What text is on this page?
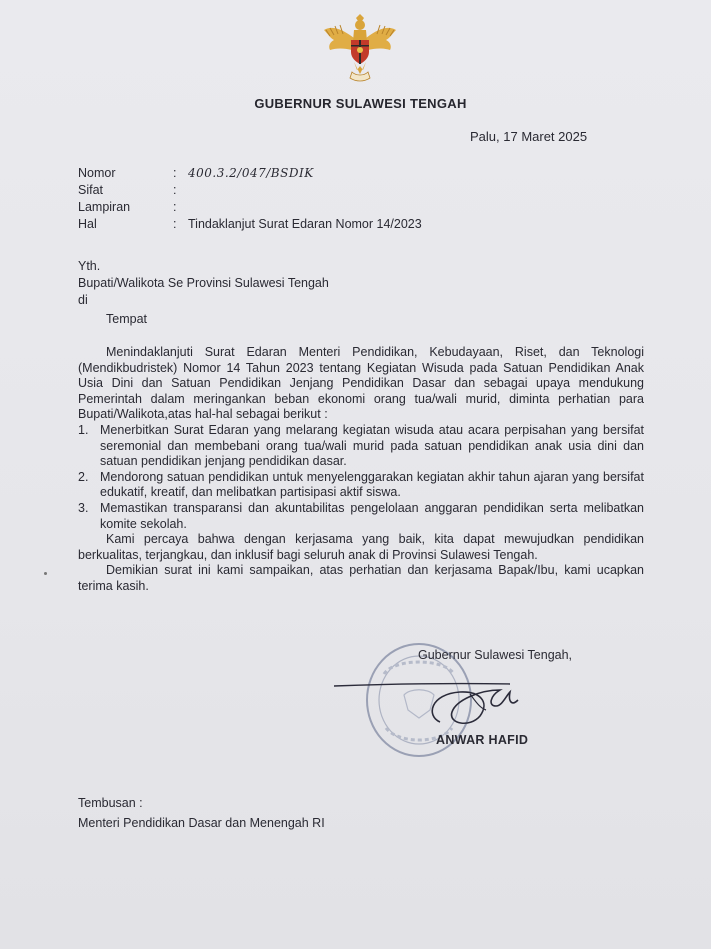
GUBERNUR SULAWESI TENGAH
Palu, 17 Maret 2025
Nomor	: 400.3.2/047/BSDIK
Sifat	:
Lampiran	:
Hal	: Tindaklanjut Surat Edaran Nomor 14/2023
Yth.
Bupati/Walikota Se Provinsi Sulawesi Tengah
di
Tempat

Menindaklanjuti Surat Edaran Menteri Pendidikan, Kebudayaan, Riset, dan Teknologi (Mendikbudristek) Nomor 14 Tahun 2023 tentang Kegiatan Wisuda pada Satuan Pendidikan Anak Usia Dini dan Satuan Pendidikan Jenjang Pendidikan Dasar dan sebagai upaya mendukung Pemerintah dalam meringankan beban ekonomi orang tua/wali murid, diminta perhatian para Bupati/Walikota,atas hal-hal sebagai berikut :

1. Menerbitkan Surat Edaran yang melarang kegiatan wisuda atau acara perpisahan yang bersifat seremonial dan membebani orang tua/wali murid pada satuan pendidikan anak usia dini dan satuan pendidikan jenjang pendidikan dasar.
2. Mendorong satuan pendidikan untuk menyelenggarakan kegiatan akhir tahun ajaran yang bersifat edukatif, kreatif, dan melibatkan partisipasi aktif siswa.
3. Memastikan transparansi dan akuntabilitas pengelolaan anggaran pendidikan serta melibatkan komite sekolah.

Kami percaya bahwa dengan kerjasama yang baik, kita dapat mewujudkan pendidikan berkualitas, terjangkau, dan inklusif bagi seluruh anak di Provinsi Sulawesi Tengah.

Demikian surat ini kami sampaikan, atas perhatian dan kerjasama Bapak/Ibu, kami ucapkan terima kasih.

Gubernur Sulawesi Tengah,
ANWAR HAFID
Tembusan :
Menteri Pendidikan Dasar dan Menengah RI
